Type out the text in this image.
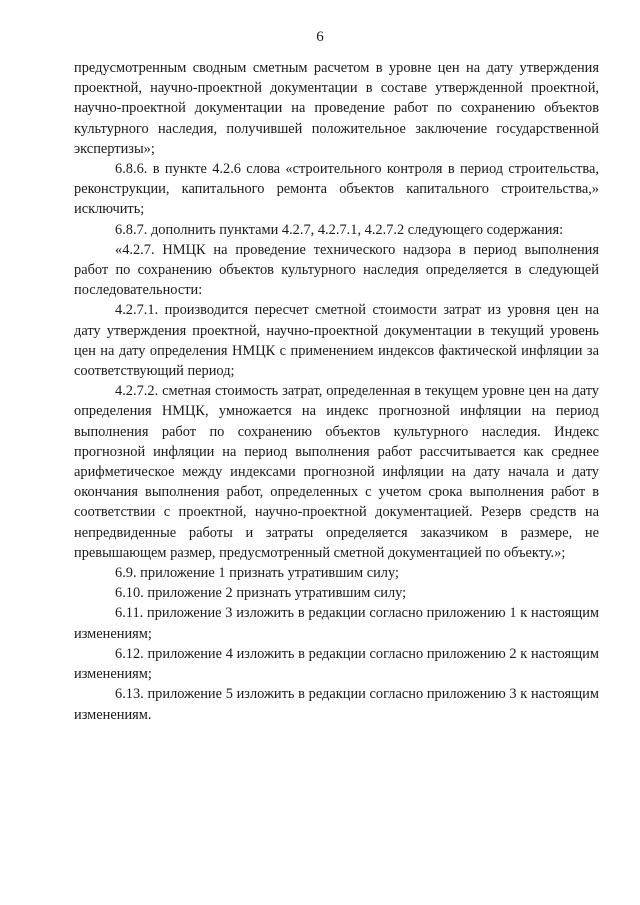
6

предусмотренным сводным сметным расчетом в уровне цен на дату утверждения проектной, научно-проектной документации в составе утвержденной проектной, научно-проектной документации на проведение работ по сохранению объектов культурного наследия, получившей положительное заключение государственной экспертизы»;

6.8.6. в пункте 4.2.6 слова «строительного контроля в период строительства, реконструкции, капитального ремонта объектов капитального строительства,» исключить;

6.8.7. дополнить пунктами 4.2.7, 4.2.7.1, 4.2.7.2 следующего содержания:

«4.2.7. НМЦК на проведение технического надзора в период выполнения работ по сохранению объектов культурного наследия определяется в следующей последовательности:

4.2.7.1. производится пересчет сметной стоимости затрат из уровня цен на дату утверждения проектной, научно-проектной документации в текущий уровень цен на дату определения НМЦК с применением индексов фактической инфляции за соответствующий период;

4.2.7.2. сметная стоимость затрат, определенная в текущем уровне цен на дату определения НМЦК, умножается на индекс прогнозной инфляции на период выполнения работ по сохранению объектов культурного наследия. Индекс прогнозной инфляции на период выполнения работ рассчитывается как среднее арифметическое между индексами прогнозной инфляции на дату начала и дату окончания выполнения работ, определенных с учетом срока выполнения работ в соответствии с проектной, научно-проектной документацией. Резерв средств на непредвиденные работы и затраты определяется заказчиком в размере, не превышающем размер, предусмотренный сметной документацией по объекту.»;

6.9. приложение 1 признать утратившим силу;

6.10. приложение 2 признать утратившим силу;

6.11. приложение 3 изложить в редакции согласно приложению 1 к настоящим изменениям;

6.12. приложение 4 изложить в редакции согласно приложению 2 к настоящим изменениям;

6.13. приложение 5 изложить в редакции согласно приложению 3 к настоящим изменениям.
